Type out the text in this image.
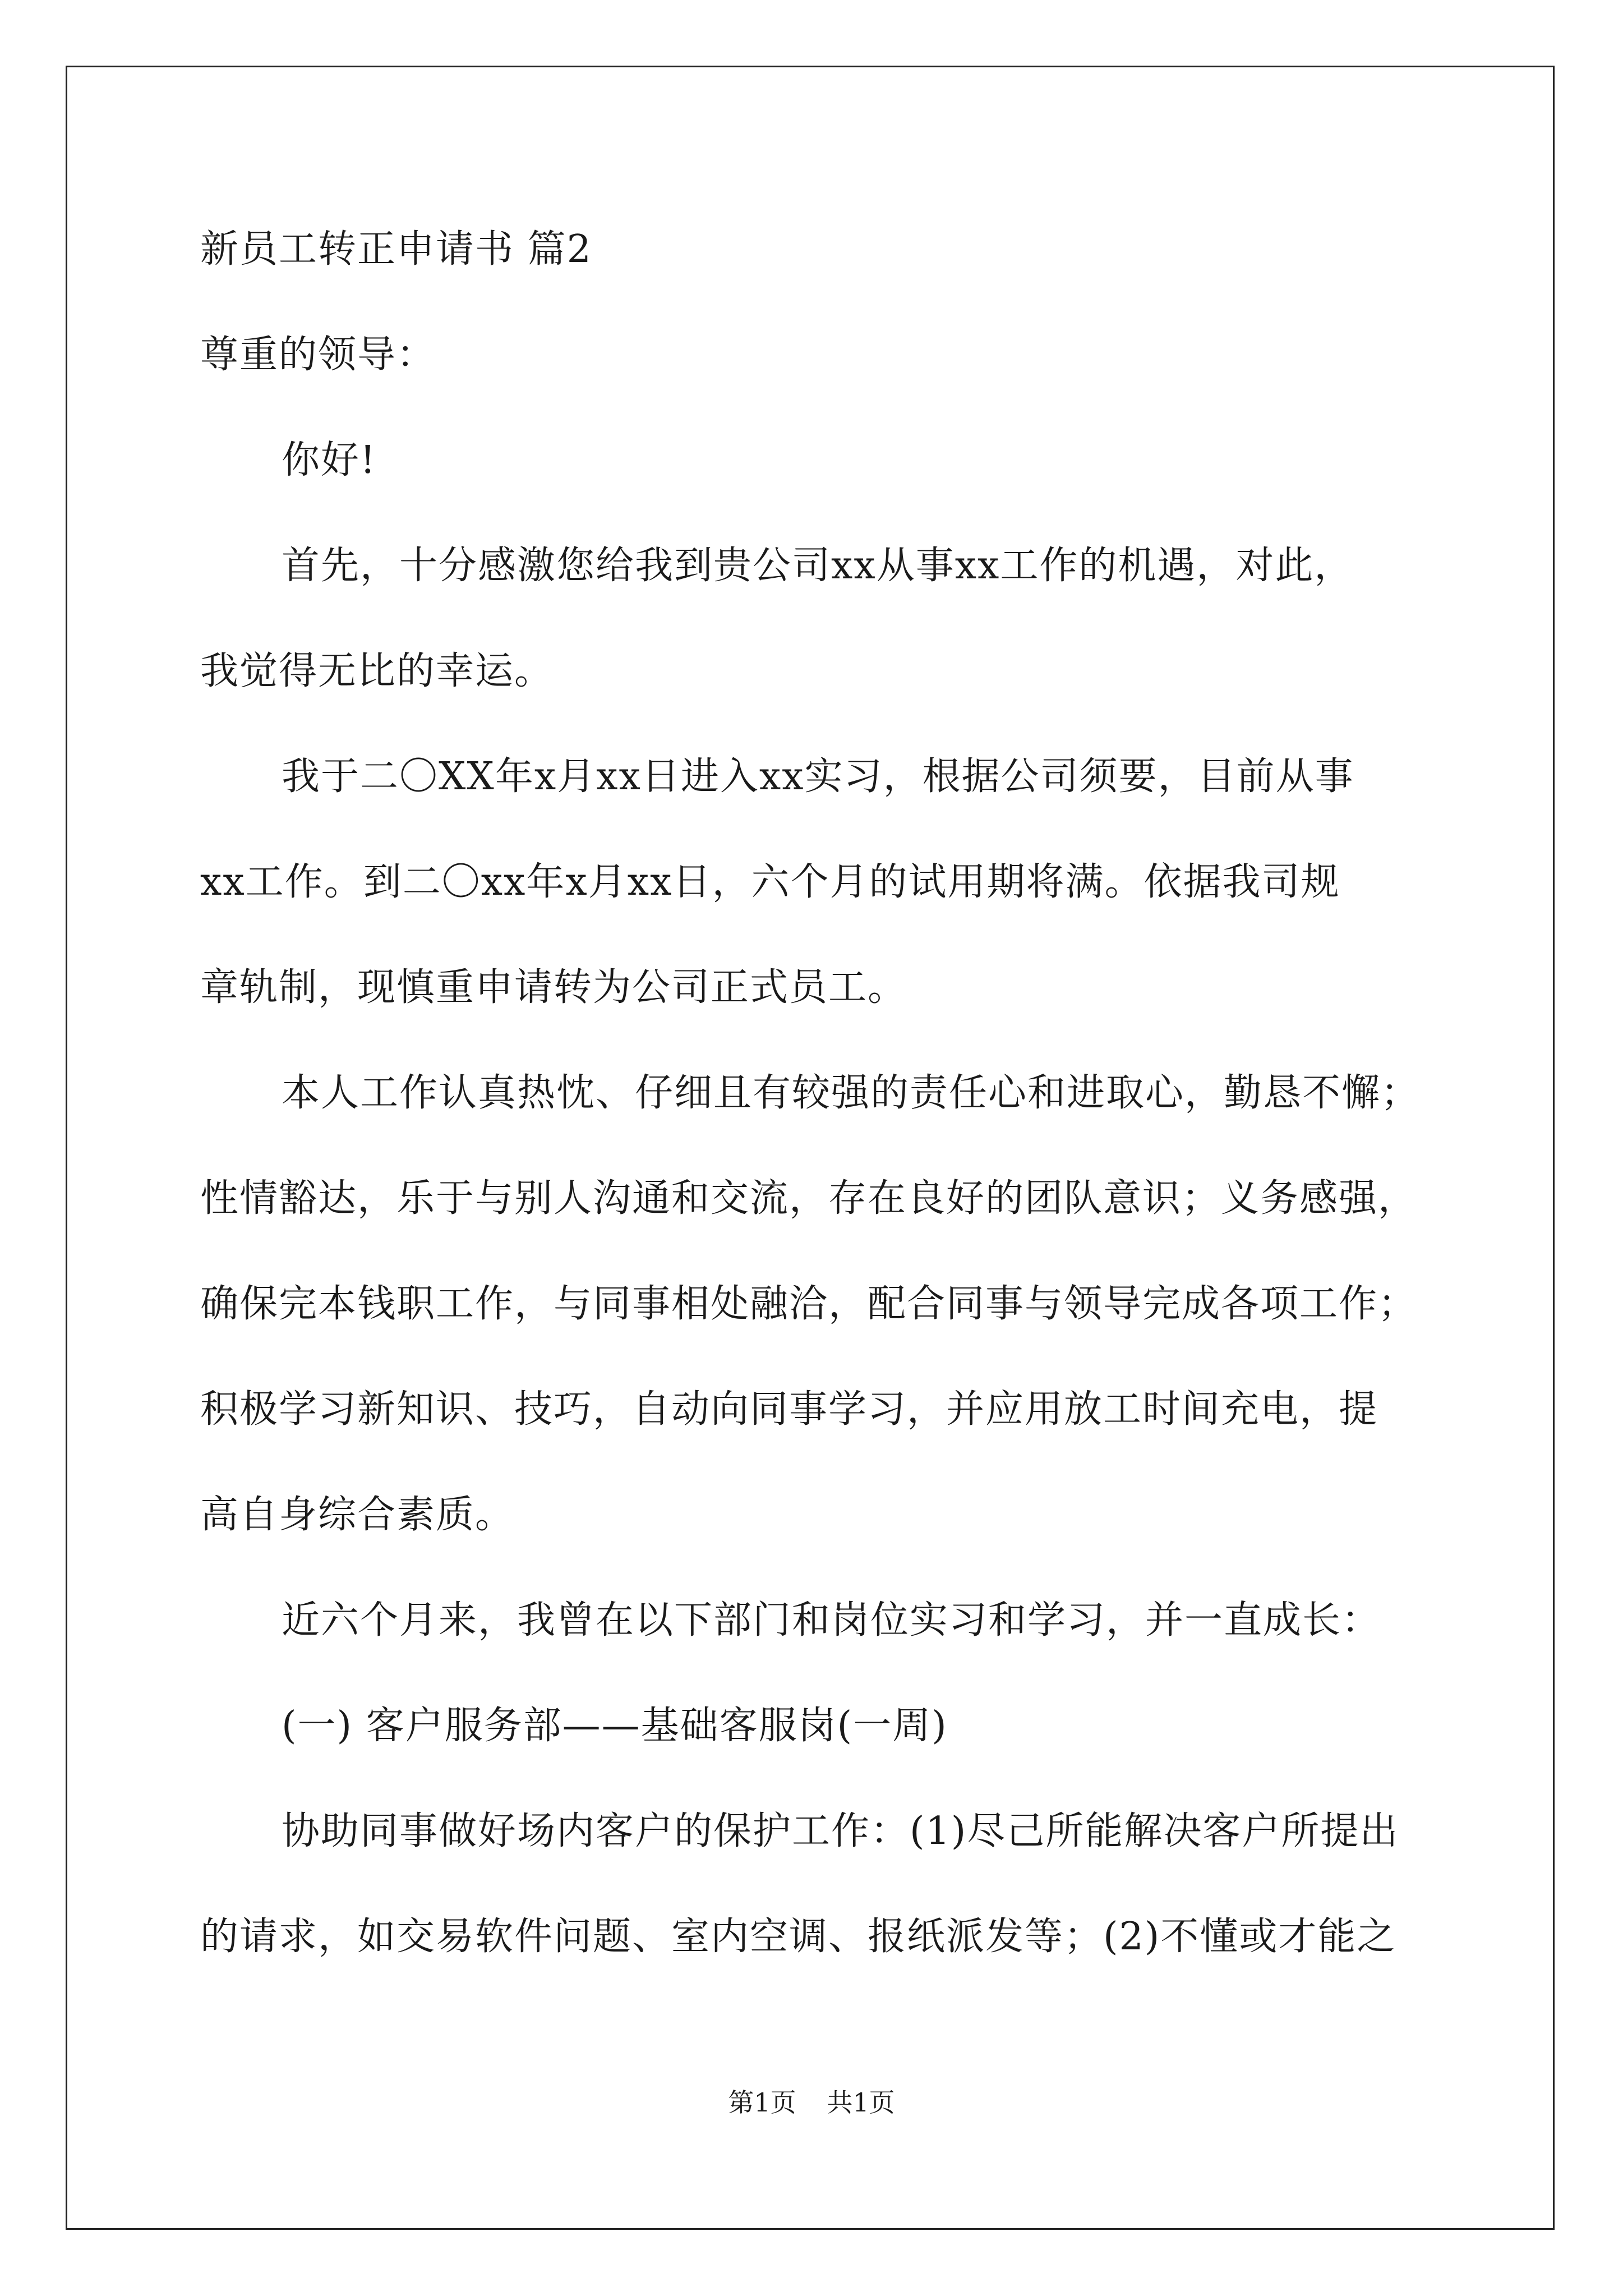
新员工转正申请书 篇2
尊重的领导：
你好!
首先，十分感激您给我到贵公司xx从事xx工作的机遇，对此，
我觉得无比的幸运。
我于二〇XX年x月xx日进入xx实习，根据公司须要，目前从事
xx工作。到二〇xx年x月xx日，六个月的试用期将满。依据我司规
章轨制，现慎重申请转为公司正式员工。
本人工作认真热忱、仔细且有较强的责任心和进取心，勤恳不懈；
性情豁达，乐于与别人沟通和交流，存在良好的团队意识；义务感强，
确保完本钱职工作，与同事相处融洽，配合同事与领导完成各项工作；
积极学习新知识、技巧，自动向同事学习，并应用放工时间充电，提
高自身综合素质。
近六个月来，我曾在以下部门和岗位实习和学习，并一直成长：
(一) 客户服务部——基础客服岗(一周)
协助同事做好场内客户的保护工作：(1)尽己所能解决客户所提出
的请求，如交易软件问题、室内空调、报纸派发等；(2)不懂或才能之
第1页 共1页
